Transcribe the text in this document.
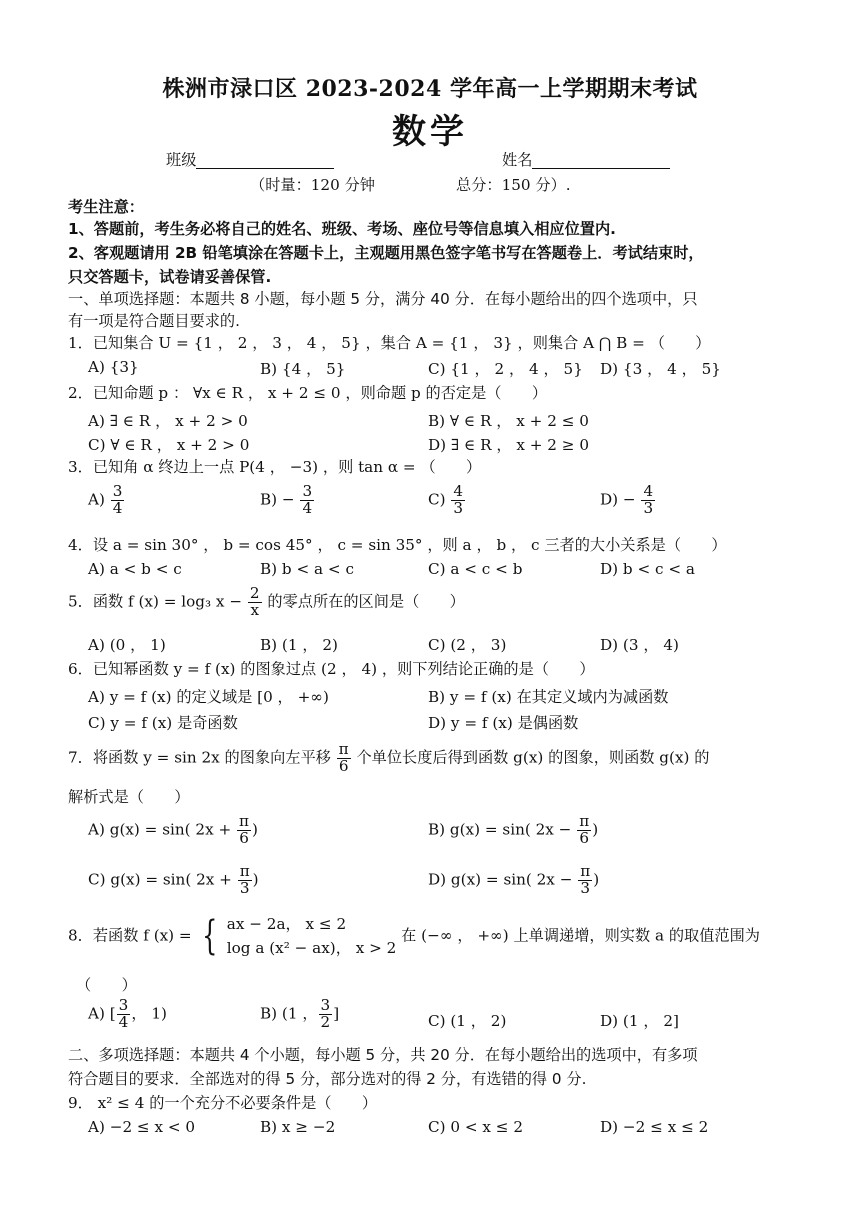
株洲市渌口区 2023-2024 学年高一上学期期末考试
数学
班级	姓名
（时量：120 分钟	总分：150 分）.
考生注意：
1、答题前，考生务必将自己的姓名、班级、考场、座位号等信息填入相应位置内.
2、客观题请用 2B 铅笔填涂在答题卡上，主观题用黑色签字笔书写在答题卷上．考试结束时，
只交答题卡，试卷请妥善保管.
一、单项选择题：本题共 8 小题，每小题 5 分，满分 40 分．在每小题给出的四个选项中，只
有一项是符合题目要求的.
1．已知集合 U = {1 ， 2 ， 3 ， 4 ， 5} ，集合 A = {1 ， 3} ，则集合 A ⋂ B = （　　）
A) {3}	B) {4 ， 5}	C) {1 ， 2 ， 4 ， 5} D) {3 ， 4 ， 5}
2．已知命题 p ： ∀x ∈ R ， x + 2 ≤ 0 ，则命题 p 的否定是（　　）
A) ∃ ∈ R ， x + 2 > 0	B) ∀ ∈ R ， x + 2 ≤ 0
C) ∀ ∈ R ， x + 2 > 0	D) ∃ ∈ R ， x + 2 ≥ 0
3．已知角 α 终边上一点 P(4 ， −3) ，则 tan α = （　　）
$A) \frac{3}{4}$	$B) - \frac{3}{4}$	$C) \frac{4}{3}$	$D) - \frac{4}{3}$
4．设 a = sin 30° ， b = cos 45° ， c = sin 35° ，则 a ， b ， c 三者的大小关系是（　　）
A) a < b < c	B) b < a < c	C) a < c < b	D) b < c < a
5．函数 f (x) = log₃ $x - \frac{2}{x}$ 的零点所在的区间是（　　）
A) (0 ， 1)	B) (1 ， 2)	C) (2 ， 3)	D) (3 ， 4)
6．已知幂函数 y = f (x) 的图象过点 (2 ， 4) ，则下列结论正确的是（　　）
A) y = f (x) 的定义域是 [0 ， +∞)	B) y = f (x) 在其定义域内为减函数
C) y = f (x) 是奇函数	D) y = f (x) 是偶函数
7．将函数 y = sin 2x 的图象向左平移 $\frac{\pi}{6}$ 个单位长度后得到函数 g(x) 的图象，则函数 g(x) 的
解析式是（　　）
A) g(x) = sin( $2x + \frac{\pi}{6}$ )	B) g(x) = sin( $2x - \frac{\pi}{6}$ )
C) g(x) = sin( $2x + \frac{\pi}{3}$ )	D) g(x) = sin( $2x - \frac{\pi}{3}$ )
8．若函数 f (x) = { ax − 2a， x ≤ 2
log a (x² − ax)， x > 2
在 (−∞ ， +∞) 上单调递增，则实数 a 的取值范围为
（　　）
A) [ $\frac{3}{4}$ ， 1)	B) (1 ， $\frac{3}{2}$ ]	C) (1 ， 2)	D) (1 ， 2]
二、多项选择题：本题共 4 个小题，每小题 5 分，共 20 分．在每小题给出的选项中，有多项
符合题目的要求．全部选对的得 5 分，部分选对的得 2 分，有选错的得 0 分.
9． x² ≤ 4 的一个充分不必要条件是（　　）
A) −2 ≤ x < 0	B) x ≥ −2	C) 0 < x ≤ 2	D) −2 ≤ x ≤ 2
